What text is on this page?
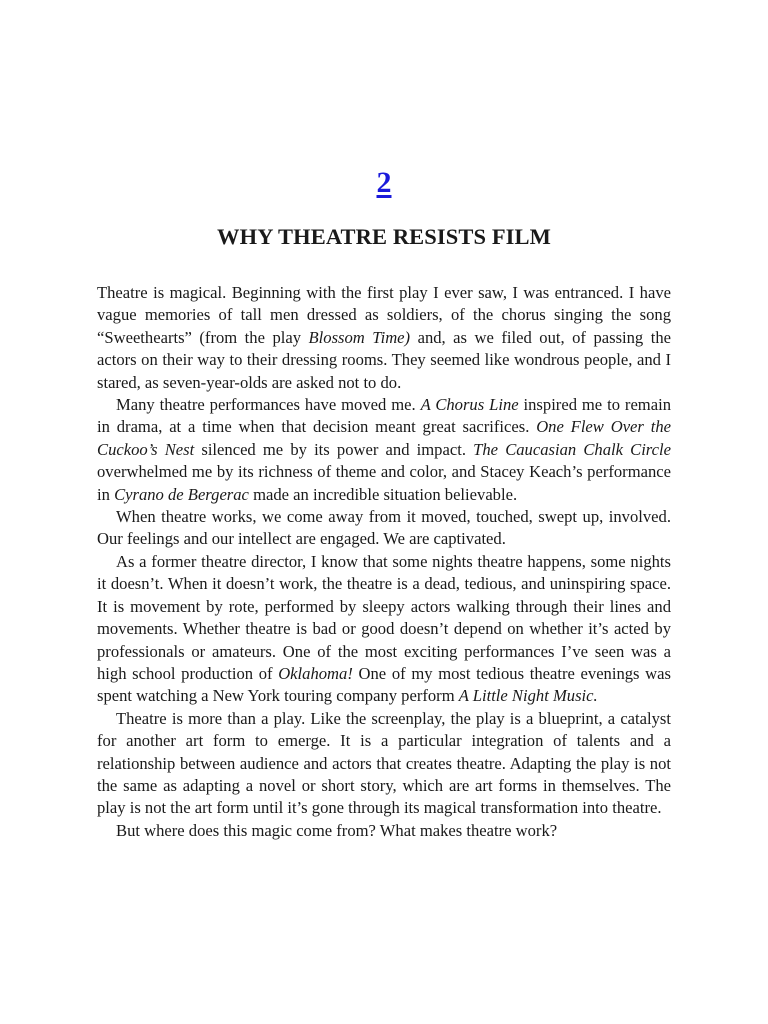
2
WHY THEATRE RESISTS FILM

Theatre is magical. Beginning with the first play I ever saw, I was entranced. I have vague memories of tall men dressed as soldiers, of the chorus singing the song “Sweethearts” (from the play Blossom Time) and, as we filed out, of passing the actors on their way to their dressing rooms. They seemed like wondrous people, and I stared, as seven-year-olds are asked not to do.

Many theatre performances have moved me. A Chorus Line inspired me to remain in drama, at a time when that decision meant great sacrifices. One Flew Over the Cuckoo’s Nest silenced me by its power and impact. The Caucasian Chalk Circle overwhelmed me by its richness of theme and color, and Stacey Keach’s performance in Cyrano de Bergerac made an incredible situation believable.

When theatre works, we come away from it moved, touched, swept up, involved. Our feelings and our intellect are engaged. We are captivated.

As a former theatre director, I know that some nights theatre happens, some nights it doesn’t. When it doesn’t work, the theatre is a dead, tedious, and uninspiring space. It is movement by rote, performed by sleepy actors walking through their lines and movements. Whether theatre is bad or good doesn’t depend on whether it’s acted by professionals or amateurs. One of the most exciting performances I’ve seen was a high school production of Oklahoma! One of my most tedious theatre evenings was spent watching a New York touring company perform A Little Night Music.

Theatre is more than a play. Like the screenplay, the play is a blueprint, a catalyst for another art form to emerge. It is a particular integration of talents and a relationship between audience and actors that creates theatre. Adapting the play is not the same as adapting a novel or short story, which are art forms in themselves. The play is not the art form until it’s gone through its magical transformation into theatre.

But where does this magic come from? What makes theatre work?
